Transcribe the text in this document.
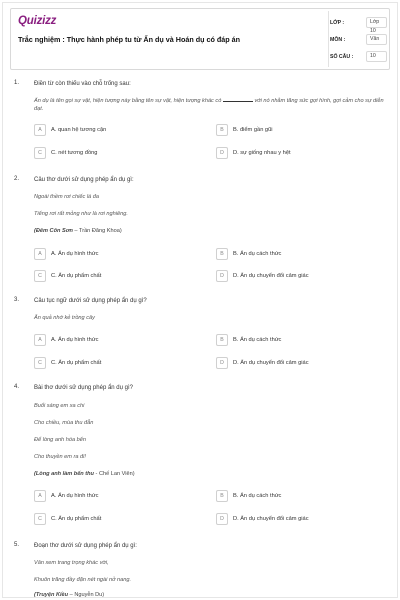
Quizizz
Trắc nghiệm : Thực hành phép tu từ Ẩn dụ và Hoán dụ có đáp án
LỚP :	Lớp 10
MÔN :	Văn
SỐ CÂU :	10
1. Điền từ còn thiếu vào chỗ trống sau:
Ẩn dụ là tên gọi sự vật, hiện tượng này bằng tên sự vật, hiện tượng khác có	với nó nhằm tăng sức gợi hình, gợi cảm cho sự diễn đạt.
A	A. quan hệ tương cận	B	B. điểm gần gũi
C	C. nét tương đồng	D	D. sự giống nhau y hệt
2. Câu thơ dưới sử dụng phép ẩn dụ gì:
Ngoài thềm rơi chiếc lá đa
Tiếng rơi rất mỏng như là rơi nghiêng.
(Đêm Côn Sơn – Trần Đăng Khoa)
A	A. Ẩn dụ hình thức	B	B. Ẩn dụ cách thức
C	C. Ẩn dụ phẩm chất	D	D. Ẩn dụ chuyển đổi cảm giác
3. Câu tục ngữ dưới sử dụng phép ẩn dụ gì?
Ăn quả nhớ kẻ trồng cây
A	A. Ẩn dụ hình thức	B	B. Ẩn dụ cách thức
C	C. Ẩn dụ phẩm chất	D	D. Ẩn dụ chuyển đổi cảm giác
4. Bài thơ dưới sử dụng phép ẩn dụ gì?
Buổi sáng em xa chi
Cho chiều, mùa thu đẫn
Để lòng anh hóa bến
Cho thuyền em ra đi!
(Lòng anh làm bến thu - Chế Lan Viên)
A	A. Ẩn dụ hình thức	B	B. Ẩn dụ cách thức
C	C. Ẩn dụ phẩm chất	D	D. Ẩn dụ chuyển đổi cảm giác
5. Đoạn thơ dưới sử dụng phép ẩn dụ gì:
Vân xem trang trọng khác vời,
Khuôn trăng đầy đặn nét ngài nở nang.
(Truyện Kiều – Nguyễn Du)
